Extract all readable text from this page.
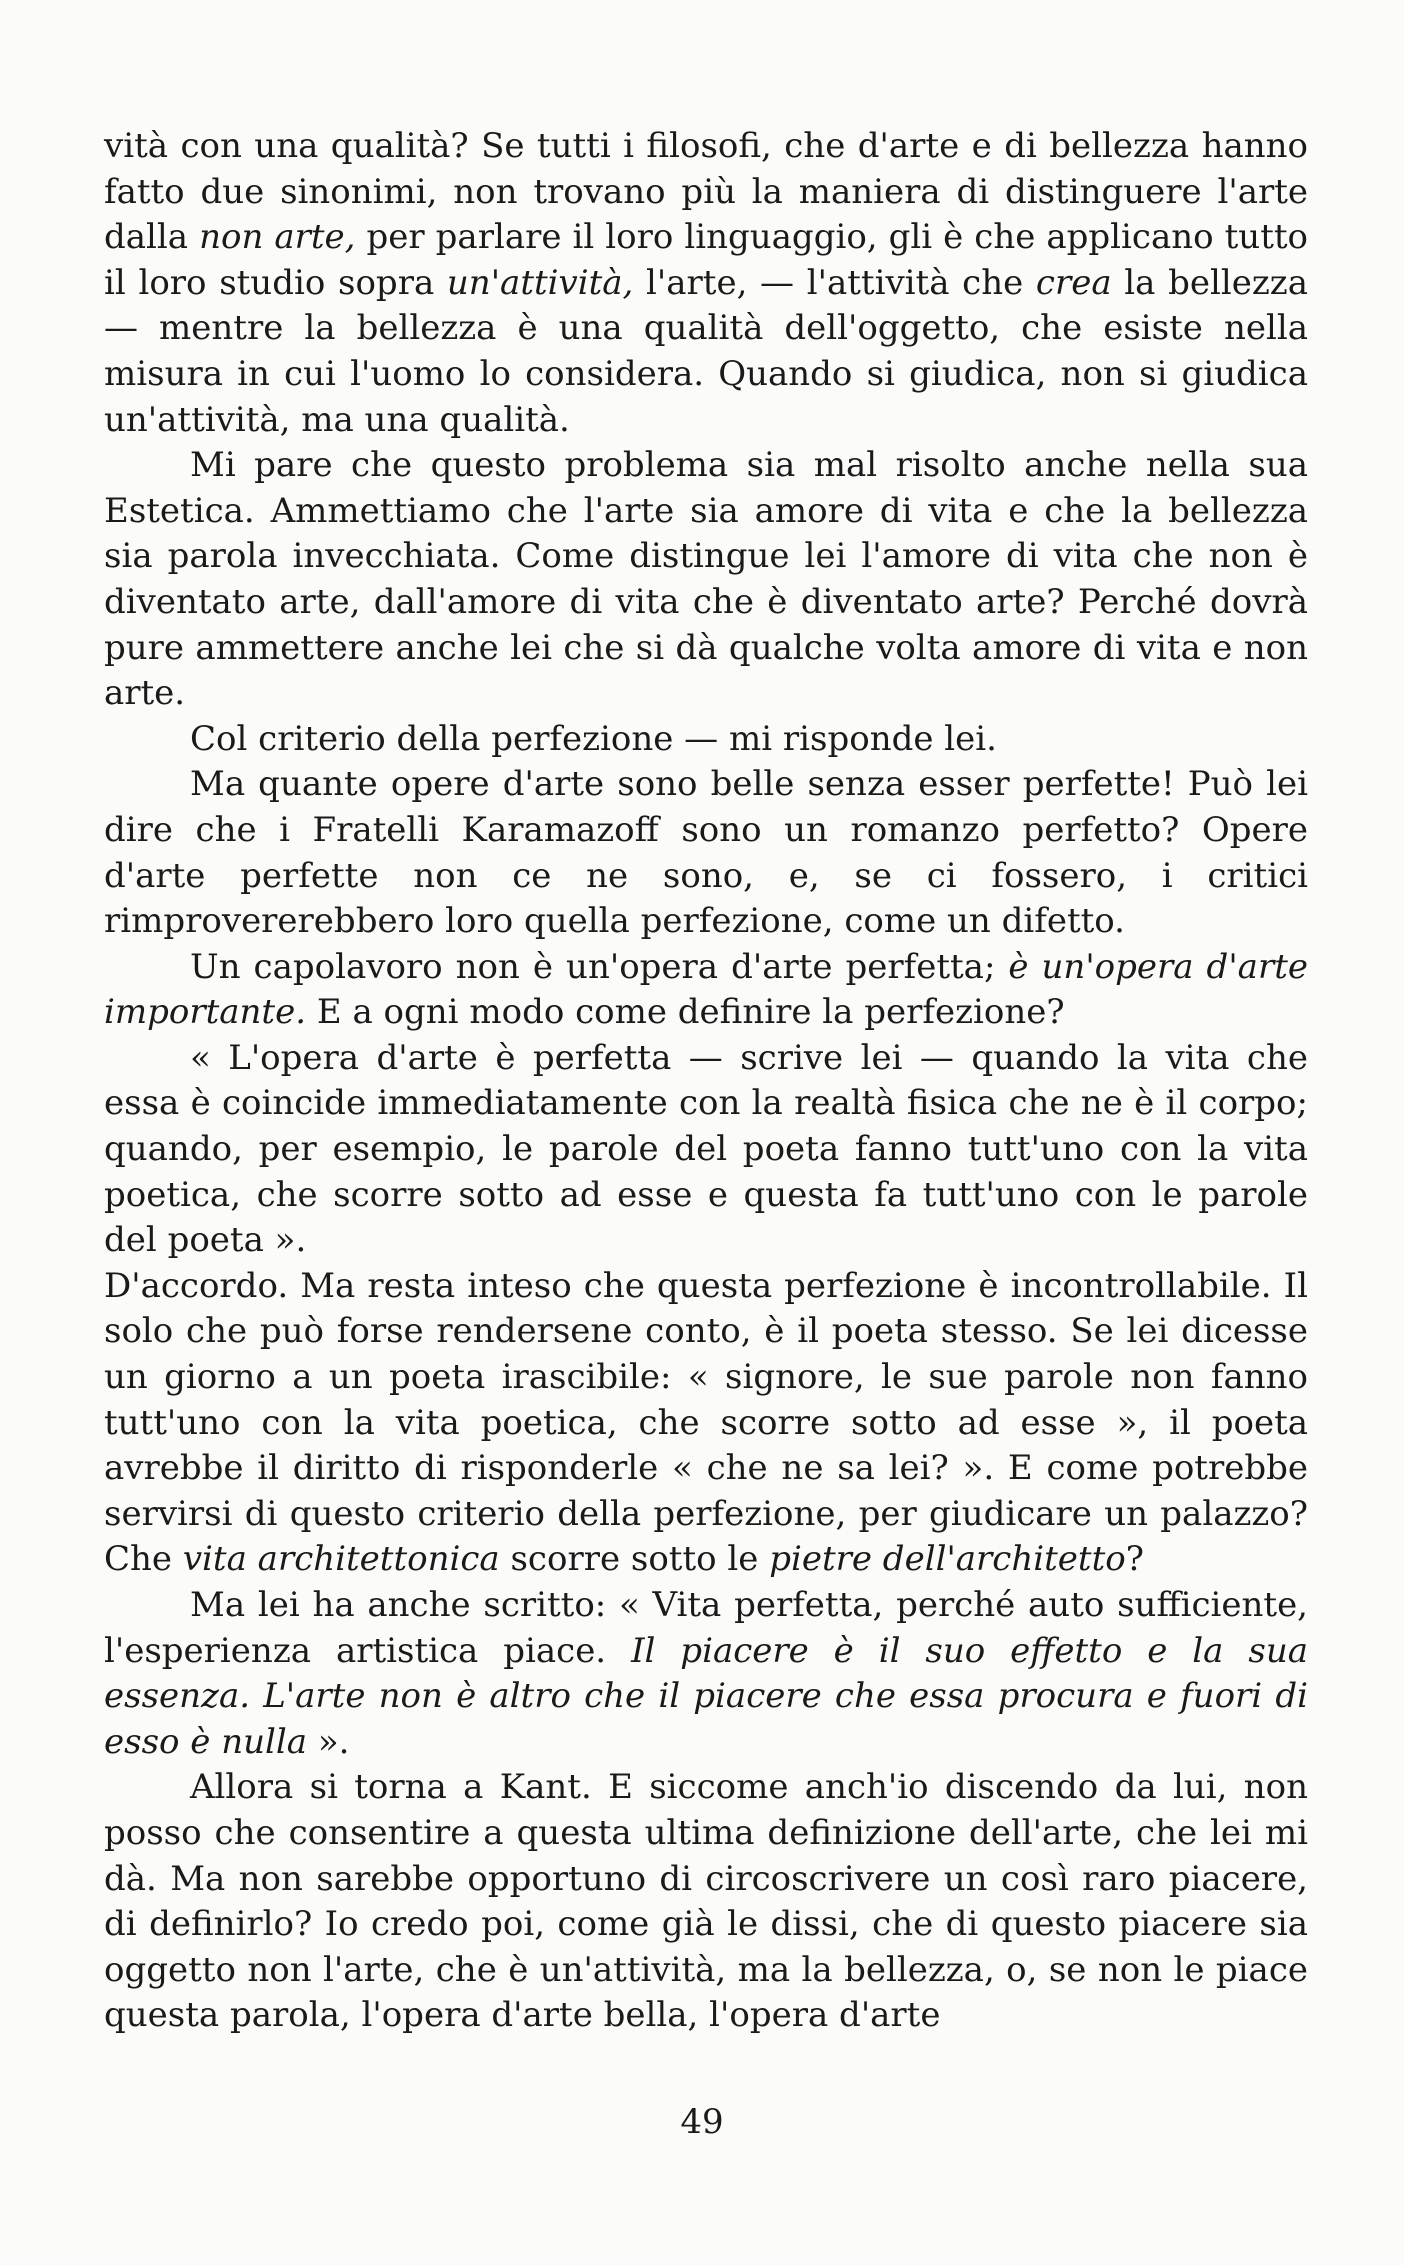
vità con una qualità? Se tutti i filosofi, che d'arte e di bellezza hanno fatto due sinonimi, non trovano più la maniera di distinguere l'arte dalla non arte, per parlare il loro linguaggio, gli è che applicano tutto il loro studio sopra un'attività, l'arte, — l'attività che crea la bellezza — mentre la bellezza è una qualità dell'oggetto, che esiste nella misura in cui l'uomo lo considera. Quando si giudica, non si giudica un'attività, ma una qualità.

Mi pare che questo problema sia mal risolto anche nella sua Estetica. Ammettiamo che l'arte sia amore di vita e che la bellezza sia parola invecchiata. Come distingue lei l'amore di vita che non è diventato arte, dall'amore di vita che è diventato arte? Perché dovrà pure ammettere anche lei che si dà qualche volta amore di vita e non arte.

Col criterio della perfezione — mi risponde lei.

Ma quante opere d'arte sono belle senza esser perfette! Può lei dire che i Fratelli Karamazoff sono un romanzo perfetto? Opere d'arte perfette non ce ne sono, e, se ci fossero, i critici rimprovererebbero loro quella perfezione, come un difetto.

Un capolavoro non è un'opera d'arte perfetta; è un'opera d'arte importante. E a ogni modo come definire la perfezione?

« L'opera d'arte è perfetta — scrive lei — quando la vita che essa è coincide immediatamente con la realtà fisica che ne è il corpo; quando, per esempio, le parole del poeta fanno tutt'uno con la vita poetica, che scorre sotto ad esse e questa fa tutt'uno con le parole del poeta ».

D'accordo. Ma resta inteso che questa perfezione è incontrollabile. Il solo che può forse rendersene conto, è il poeta stesso. Se lei dicesse un giorno a un poeta irascibile: « signore, le sue parole non fanno tutt'uno con la vita poetica, che scorre sotto ad esse », il poeta avrebbe il diritto di risponderle « che ne sa lei? ». E come potrebbe servirsi di questo criterio della perfezione, per giudicare un palazzo? Che vita architettonica scorre sotto le pietre dell'architetto?

Ma lei ha anche scritto: « Vita perfetta, perché auto sufficiente, l'esperienza artistica piace. Il piacere è il suo effetto e la sua essenza. L'arte non è altro che il piacere che essa procura e fuori di esso è nulla ».

Allora si torna a Kant. E siccome anch'io discendo da lui, non posso che consentire a questa ultima definizione dell'arte, che lei mi dà. Ma non sarebbe opportuno di circoscrivere un così raro piacere, di definirlo? Io credo poi, come già le dissi, che di questo piacere sia oggetto non l'arte, che è un'attività, ma la bellezza, o, se non le piace questa parola, l'opera d'arte bella, l'opera d'arte

49
